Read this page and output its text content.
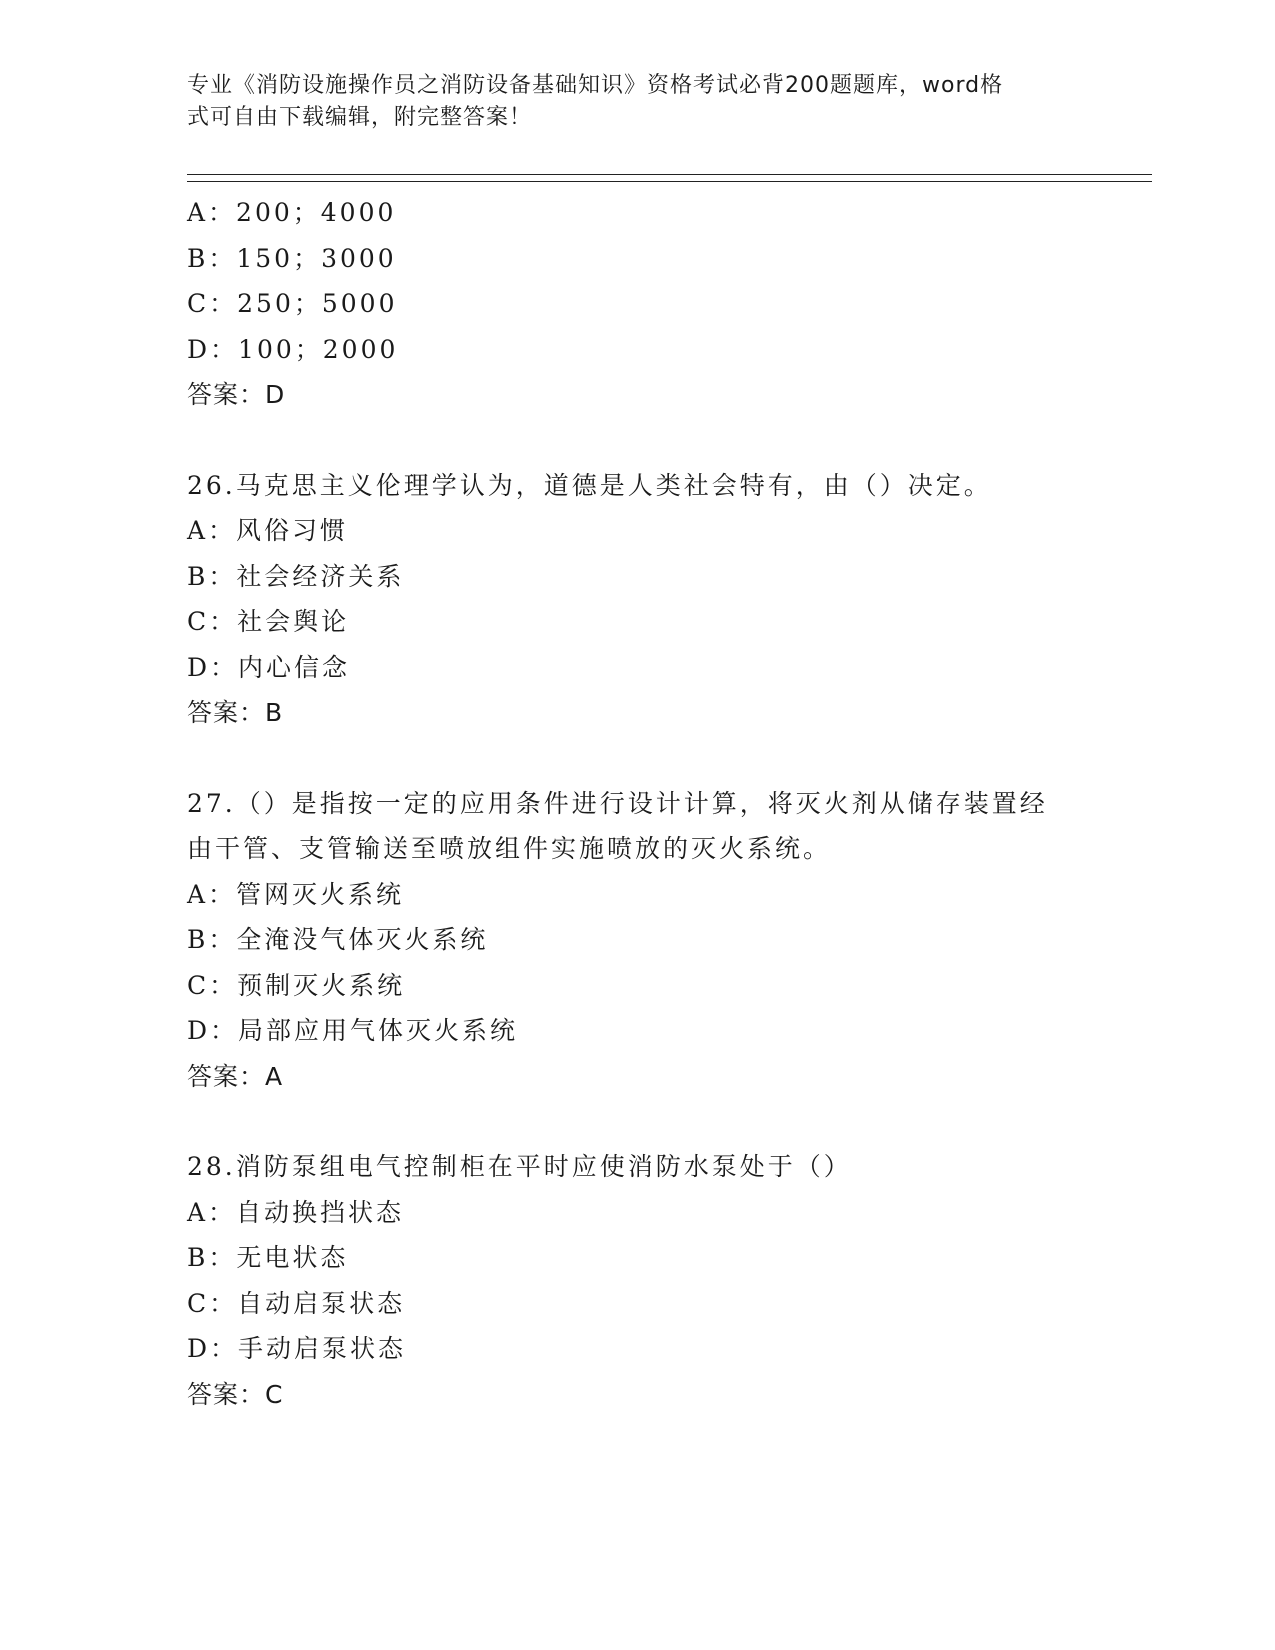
专业《消防设施操作员之消防设备基础知识》资格考试必背200题题库，word格
式可自由下载编辑，附完整答案！
A：200；4000
B：150；3000
C：250；5000
D：100；2000
答案：D
26.马克思主义伦理学认为，道德是人类社会特有，由（）决定。
A：风俗习惯
B：社会经济关系
C：社会舆论
D：内心信念
答案：B
27.（）是指按一定的应用条件进行设计计算，将灭火剂从储存装置经
由干管、支管输送至喷放组件实施喷放的灭火系统。
A：管网灭火系统
B：全淹没气体灭火系统
C：预制灭火系统
D：局部应用气体灭火系统
答案：A
28.消防泵组电气控制柜在平时应使消防水泵处于（）
A：自动换挡状态
B：无电状态
C：自动启泵状态
D：手动启泵状态
答案：C
